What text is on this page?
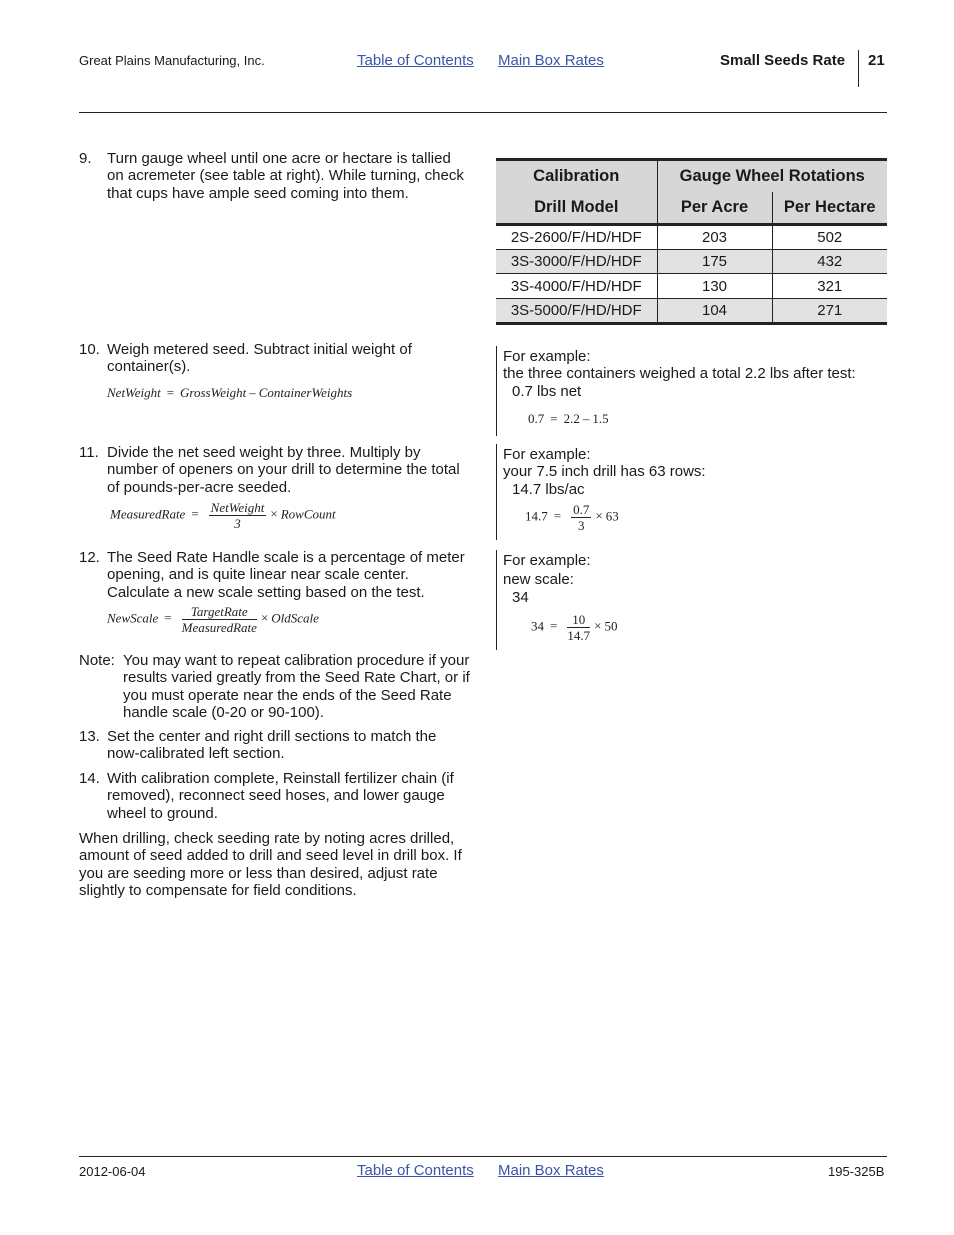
Great Plains Manufacturing, Inc.	Table of Contents Main Box Rates	Small Seeds Rate 21
9.	Turn gauge wheel until one acre or hectare is tallied on acremeter (see table at right). While turning, check that cups have ample seed coming into them.
Calibration	Gauge Wheel Rotations	
Drill Model	Per Acre	Per Hectare
2S-2600/F/HD/HDF	203	502
3S-3000/F/HD/HDF	175	432
3S-4000/F/HD/HDF	130	321
3S-5000/F/HD/HDF	104	271
10. Weigh metered seed. Subtract initial weight of container(s).
NetWeight = GrossWeight – ContainerWeights
For example:
the three containers weighed a total 2.2 lbs after test:
0.7 lbs net
0.7 = 2.2 – 1.5
11. Divide the net seed weight by three. Multiply by number of openers on your drill to determine the total of pounds-per-acre seeded.
MeasuredRate = $\frac{\text{NetWeight}}{3}$ × RowCount
For example:
your 7.5 inch drill has 63 rows:
14.7 lbs/ac
$14.7 = \frac{0.7}{3} \times 63$
12. The Seed Rate Handle scale is a percentage of meter opening, and is quite linear near scale center. Calculate a new scale setting based on the test.
NewScale = $\frac{\text{TargetRate}}{\text{MeasuredRate}}$ × OldScale
For example:
new scale:
34
$34 = \frac{10}{14.7} \times 50$
Note: You may want to repeat calibration procedure if your results varied greatly from the Seed Rate Chart, or if you must operate near the ends of the Seed Rate handle scale (0-20 or 90-100).
13. Set the center and right drill sections to match the now-calibrated left section.
14. With calibration complete, Reinstall fertilizer chain (if removed), reconnect seed hoses, and lower gauge wheel to ground.
When drilling, check seeding rate by noting acres drilled, amount of seed added to drill and seed level in drill box. If you are seeding more or less than desired, adjust rate slightly to compensate for field conditions.
2012-06-04	Table of Contents Main Box Rates	195-325B
